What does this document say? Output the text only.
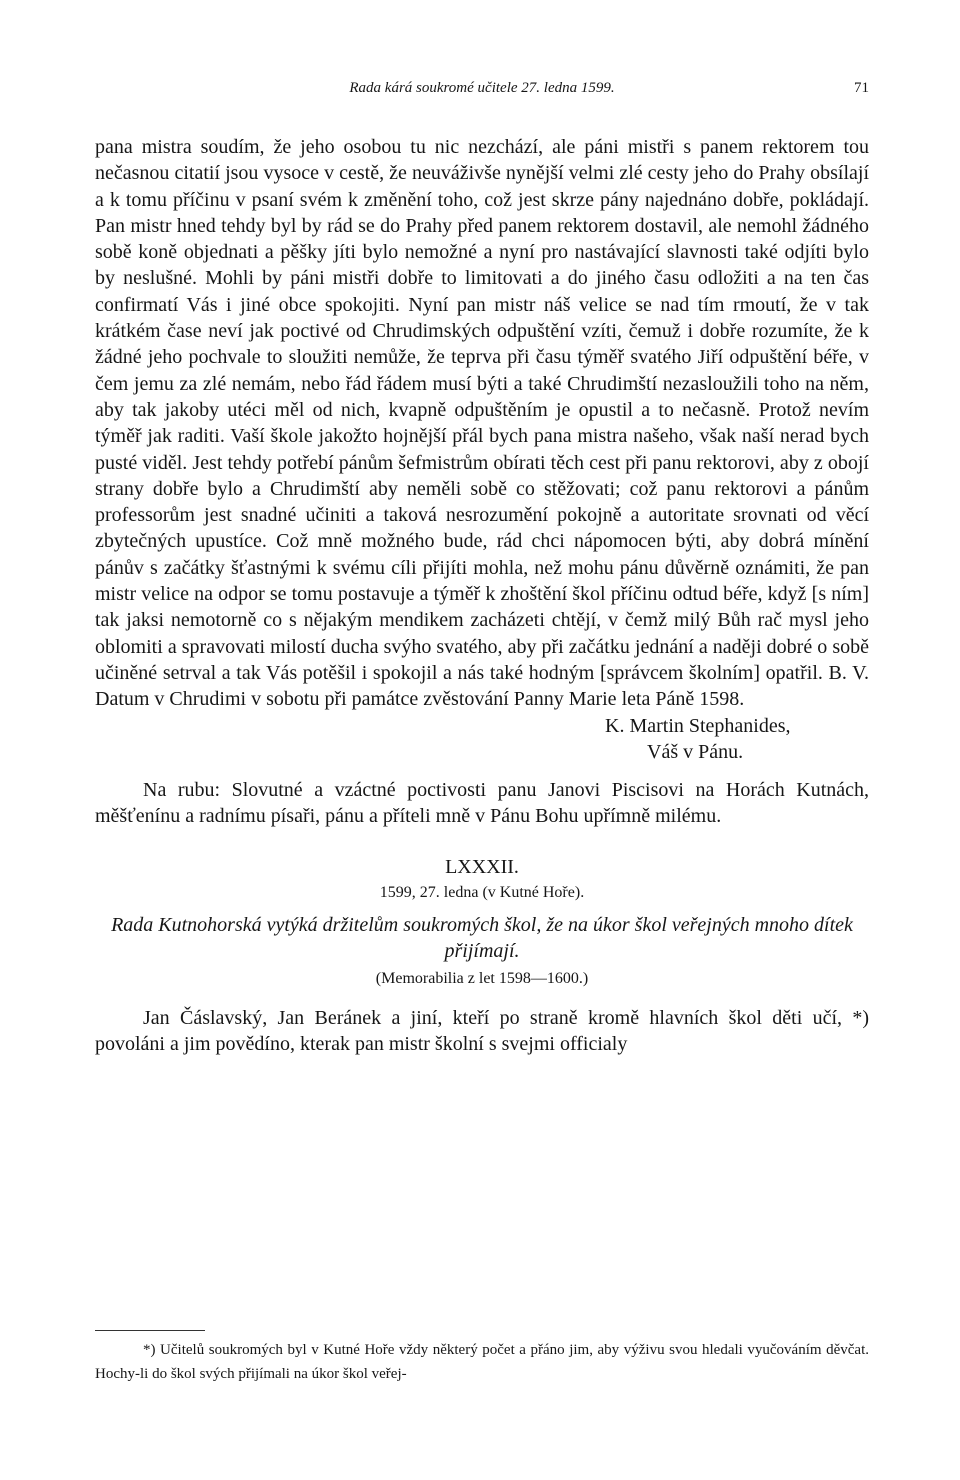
Rada kárá soukromé učitele 27. ledna 1599.	71

pana mistra soudím, že jeho osobou tu nic nezchází, ale páni mistři s panem rektorem tou nečasnou citatií jsou vysoce v cestě, že neuváživše nynější velmi zlé cesty jeho do Prahy obsílají a k tomu příčinu v psaní svém k změnění toho, což jest skrze pány najednáno dobře, pokládají. Pan mistr hned tehdy byl by rád se do Prahy před panem rektorem dostavil, ale nemohl žádného sobě koně objednati a pěšky jíti bylo nemožné a nyní pro nastávající slavnosti také odjíti bylo by neslušné. Mohli by páni mistři dobře to limitovati a do jiného času odložiti a na ten čas confirmatí Vás i jiné obce spokojiti. Nyní pan mistr náš velice se nad tím rmoutí, že v tak krátkém čase neví jak poctivé od Chrudimských odpuštění vzíti, čemuž i dobře rozumíte, že k žádné jeho pochvale to sloužiti nemůže, že teprva při času týměř svatého Jiří odpuštění béře, v čem jemu za zlé nemám, nebo řád řádem musí býti a také Chrudimští nezasloužili toho na něm, aby tak jakoby utéci měl od nich, kvapně odpuštěním je opustil a to nečasně. Protož nevím týměř jak raditi. Vaší škole jakožto hojnější přál bych pana mistra našeho, však naší nerad bych pusté viděl. Jest tehdy potřebí pánům šefmistrům obírati těch cest při panu rektorovi, aby z obojí strany dobře bylo a Chrudimští aby neměli sobě co stěžovati; což panu rektorovi a pánům professorům jest snadné učiniti a taková nesrozumění pokojně a autoritate srovnati od věcí zbytečných upustíce. Což mně možného bude, rád chci nápomocen býti, aby dobrá mínění pánův s začátky šťastnými k svému cíli přijíti mohla, než mohu pánu důvěrně oznámiti, že pan mistr velice na odpor se tomu postavuje a týměř k zhoštění škol příčinu odtud béře, když [s ním] tak jaksi nemotorně co s nějakým mendikem zacházeti chtějí, v čemž milý Bůh rač mysl jeho oblomiti a spravovati milostí ducha svýho svatého, aby při začátku jednání a naději dobré o sobě učiněné setrval a tak Vás potěšil i spokojil a nás také hodným [správcem školním] opatřil. B. V. Datum v Chrudimi v sobotu při památce zvěstování Panny Marie leta Páně 1598.

K. Martin Stephanides,

Váš v Pánu.

Na rubu: Slovutné a vzáctné poctivosti panu Janovi Piscisovi na Horách Kutnách, měšťenínu a radnímu písaři, pánu a příteli mně v Pánu Bohu upřímně milému.

LXXXII.
1599, 27. ledna (v Kutné Hoře).
Rada Kutnohorská vytýká držitelům soukromých škol, že na úkor škol veřejných mnoho dítek přijímají.
(Memorabilia z let 1598—1600.)

Jan Čáslavský, Jan Beránek a jiní, kteří po straně kromě hlavních škol děti učí, *) povoláni a jim povědíno, kterak pan mistr školní s svejmi officialy

*) Učitelů soukromých byl v Kutné Hoře vždy některý počet a přáno jim, aby výživu svou hledali vyučováním děvčat. Hochy-li do škol svých přijímali na úkor škol veřej-
